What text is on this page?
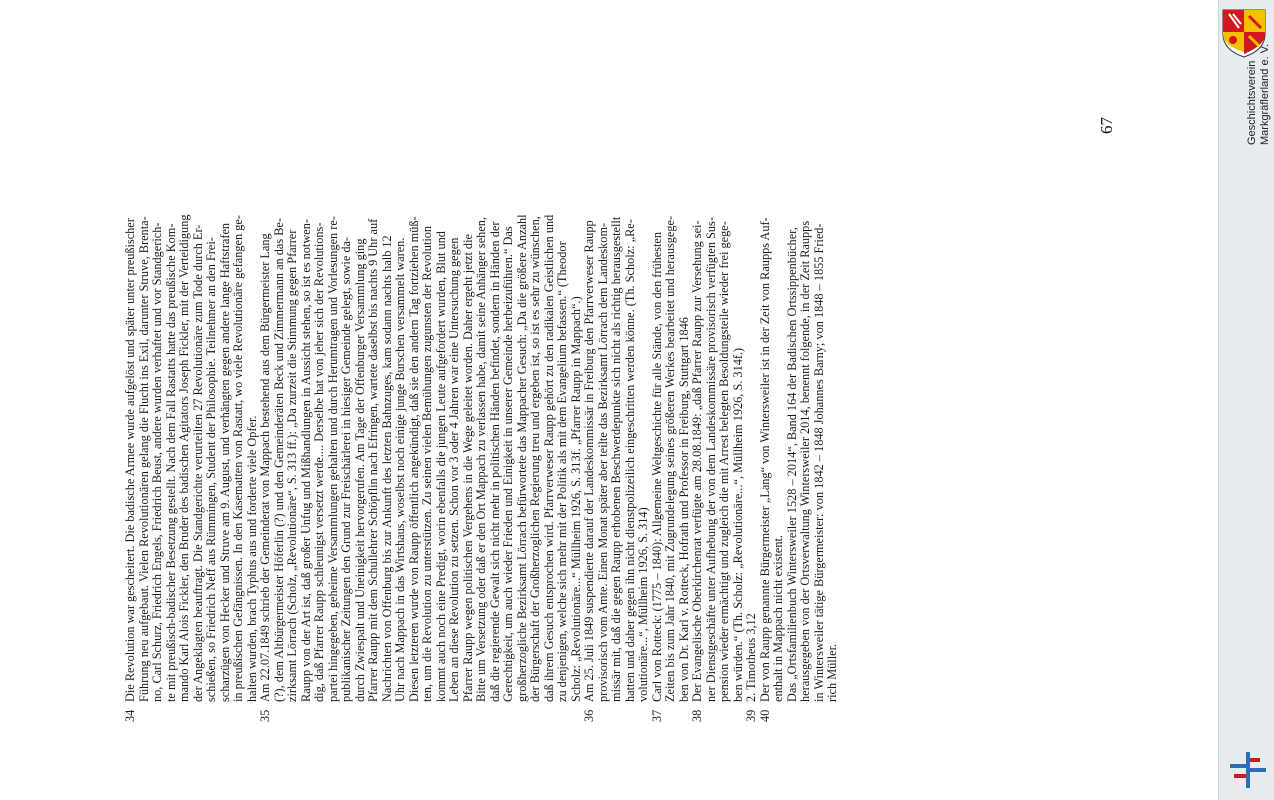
34Die Revolution war gescheitert. Die badische Armee wurde aufgelöst und später unter preußischer Führung neu aufgebaut. Vielen Revolutionären gelang die Flucht ins Exil, darunter Struve, Brenta- no, Carl Schurz, Friedrich Engels, Friedrich Beust, andere wurden verhaftet und vor Standgerich- te mit preußisch-badischer Besetzung gestellt. Nach dem Fall Rastatts hatte das preußische Kom- mando Karl Alois Fickler, den Bruder des badischen Agitators Joseph Fickler, mit der Verteidigung der Angeklagten beauftragt. Die Standgerichte verurteilten 27 Revolutionäre zum Tode durch Er- schießen, so Friedrich Neff aus Rümmingen, Student der Philosophie. Teilnehmer an den Frei- scharzügen von Hecker und Struve am 9. August, und verhängten gegen andere lange Haftstrafen in preußischen Gefängnissen. In den Kasematten von Rastatt, wo viele Revolutionäre gefangen ge- halten wurden, brach Typhus aus und forderte viele Opfer.
35Am 22.07.1849 schrieb der Gemeinderat von Mappach bestehend aus dem Bürgermeister Lang (?), dem Altbürgermeister Höferlin (?) und den Gemeinderäten Beck und Zimmermann an das Be- zirksamt Lörrach (Scholz, „Revolutionäre“, S. 313 ff.): „Da zurzeit die Stimmung gegen Pfarrer Raupp von der Art ist, daß großer Unfug und Mißhandlungen in Aussicht stehen, so ist es notwen- dig, daß Pfarrer Raupp schleunigst versetzt werde.... Derselbe hat von jeher sich der Revolutions- partei hingegeben, geheime Versammlungen gehalten und durch Herumtragen und Vorlesungen re- publikanischer Zeitungen den Grund zur Freischärlerei in hiesiger Gemeinde gelegt, sowie da- durch Zwiespalt und Uneinigkeit hervorgerufen. Am Tage der Offenburger Versammlung ging Pfarrer Raupp mit dem Schullehrer Schöpflin nach Efringen, wartete daselbst bis nachts 9 Uhr auf Nachrichten von Offenburg bis zur Ankunft des letzten Bahnzuges, kam sodann nachts halb 12 Uhr nach Mappach in das Wirtshaus, woselbst noch einige junge Burschen versammelt waren. Diesen letzteren wurde von Raupp öffentlich angekündigt, daß sie den andern Tag fortziehen müß- ten, um die Revolution zu unterstützen. Zu seinen vielen Bemühungen zugunsten der Revolution kommt auch noch eine Predigt, worin ebenfalls die jungen Leute aufgefordert wurden, Blut und Leben an diese Revolution zu setzen. Schon vor 3 oder 4 Jahren war eine Untersuchung gegen Pfarrer Raupp wegen politischen Vergehens in die Wege geleitet worden. Daher ergeht jetzt die Bitte um Versetzung oder daß er den Ort Mappach zu verlassen habe, damit seine Anhänger sehen, daß die regierende Gewalt sich nicht mehr in politischen Händen befindet, sondern in Händen der Gerechtigkeit, um auch wieder Frieden und Einigkeit in unserer Gemeinde herbeizuführen.“ Das großherzogliche Bezirksamt Lörrach befürwortete das Mappacher Gesuch: „Da die größere Anzahl der Bürgerschaft der Großherzoglichen Regierung treu und ergeben ist, so ist es sehr zu wünschen, daß ihrem Gesuch entsprochen wird. Pfarrverweser Raupp gehört zu den radikalen Geistlichen und zu denjenigen, welche sich mehr mit der Politik als mit dem Evangelium befassen.“ (Theodor Scholz: „Revolutionäre...“ Müllheim 1926, S. 313f. „Pfarrer Raupp in Mappach“.)
36Am 25. Juli 1849 suspendierte darauf der Landeskommissär in Freiburg den Pfarrverweser Raupp provisorisch vom Amte. Einen Monat später aber teilte das Bezirksamt Lörrach dem Landeskom- missär mit, daß die gegen Raupp erhobenen Beschwerdepunkte sich nicht als richtig herausgestellt hatten und daher gegen ihn nicht dienstpolizeilich eingeschritten werden könne. (Th. Scholz: „Re- volutionäre...“, Müllheim 1926, S. 314)
37Carl von Rotteck: (1775 – 1840): Allgemeine Weltgeschichte für alle Stände, von den frühesten Zeiten bis zum Jahr 1840, mit Zugrundelegung seines größeren Werkes bearbeitet und herausgege- ben von Dr. Karl v. Rotteck, Hofrath und Professor in Freiburg, Stuttgart 1846
38Der Evangelische Oberkirchenrat verfügte am 28.08.1849: „daß Pfarrer Raupp zur Versehung sei- ner Dienstgeschäfte unter Aufhebung der von dem Landeskommissäre provisorisch verfügten Sus- pension wieder ermächtigt und zugleich die mit Arrest belegten Besoldungsteile wieder frei gege- ben würden.“ (Th. Scholz: „Revolutionäre...“, Müllheim 1926, S. 314f.)
392. Timotheus 3,12
40Der von Raupp genannte Bürgermeister „Lang“ von Wintersweiler ist in der Zeit von Raupps Auf- enthalt in Mappach nicht existent. Das „Ortsfamilienbuch Wintersweiler 1528 – 2014“, Band 164 der Badischen Ortssippenbücher, herausgegeben von der Ortsverwaltung Wintersweiler 2014, benennt folgende, in der Zeit Raupps in Wintersweiler tätige Bürgermeister: von 1842 – 1848 Johannes Barny; von 1848 – 1855 Fried- rich Müller.
67	Geschichtsverein Markgräflerland e. V.
